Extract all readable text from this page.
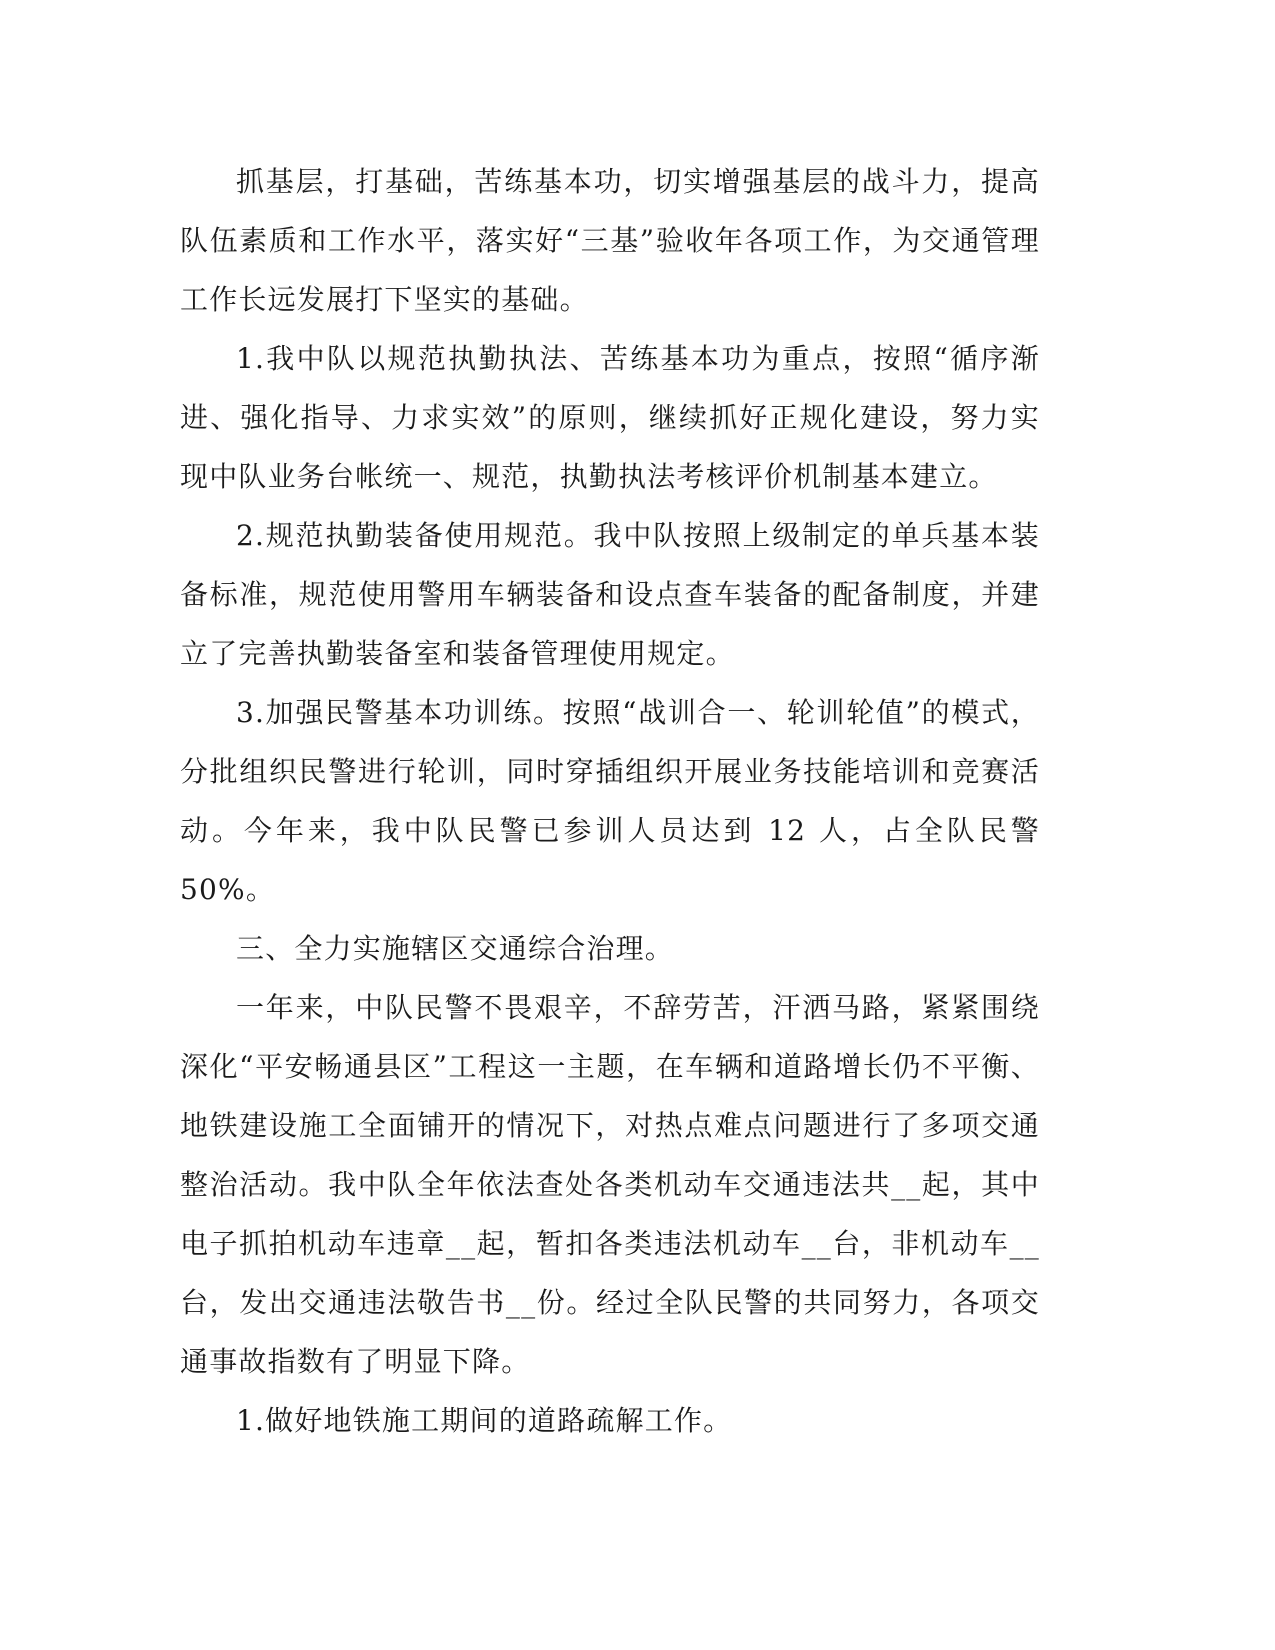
抓基层，打基础，苦练基本功，切实增强基层的战斗力，提高队伍素质和工作水平，落实好“三基”验收年各项工作，为交通管理工作长远发展打下坚实的基础。

1.我中队以规范执勤执法、苦练基本功为重点，按照“循序渐进、强化指导、力求实效”的原则，继续抓好正规化建设，努力实现中队业务台帐统一、规范，执勤执法考核评价机制基本建立。

2.规范执勤装备使用规范。我中队按照上级制定的单兵基本装备标准，规范使用警用车辆装备和设点查车装备的配备制度，并建立了完善执勤装备室和装备管理使用规定。

3.加强民警基本功训练。按照“战训合一、轮训轮值”的模式，分批组织民警进行轮训，同时穿插组织开展业务技能培训和竞赛活动。今年来，我中队民警已参训人员达到 12 人，占全队民警 50%。

三、全力实施辖区交通综合治理。

一年来，中队民警不畏艰辛，不辞劳苦，汗洒马路，紧紧围绕深化“平安畅通县区”工程这一主题，在车辆和道路增长仍不平衡、地铁建设施工全面铺开的情况下，对热点难点问题进行了多项交通整治活动。我中队全年依法查处各类机动车交通违法共__起，其中电子抓拍机动车违章__起，暂扣各类违法机动车__台，非机动车__台，发出交通违法敬告书__份。经过全队民警的共同努力，各项交通事故指数有了明显下降。

1.做好地铁施工期间的道路疏解工作。
